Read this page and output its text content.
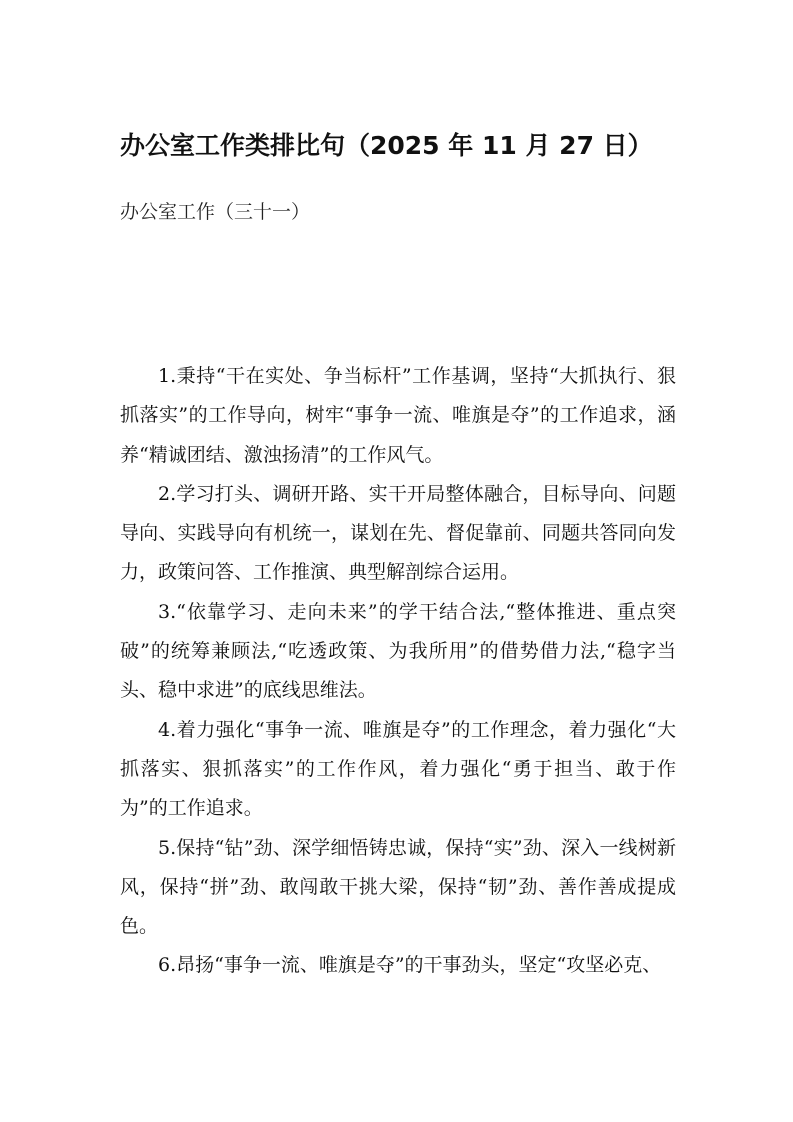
办公室工作类排比句（2025 年 11 月 27 日）
办公室工作（三十一）

1.秉持“干在实处、争当标杆”工作基调，坚持“大抓执行、狠抓落实”的工作导向，树牢“事争一流、唯旗是夺”的工作追求，涵养“精诚团结、激浊扬清”的工作风气。

2.学习打头、调研开路、实干开局整体融合，目标导向、问题导向、实践导向有机统一，谋划在先、督促靠前、同题共答同向发力，政策问答、工作推演、典型解剖综合运用。

3.“依靠学习、走向未来”的学干结合法,“整体推进、重点突破”的统筹兼顾法,“吃透政策、为我所用”的借势借力法,“稳字当头、稳中求进”的底线思维法。

4.着力强化“事争一流、唯旗是夺”的工作理念，着力强化“大抓落实、狠抓落实”的工作作风，着力强化“勇于担当、敢于作为”的工作追求。

5.保持“钻”劲、深学细悟铸忠诚，保持“实”劲、深入一线树新风，保持“拼”劲、敢闯敢干挑大梁，保持“韧”劲、善作善成提成色。

6.昂扬“事争一流、唯旗是夺”的干事劲头，坚定“攻坚必克、
